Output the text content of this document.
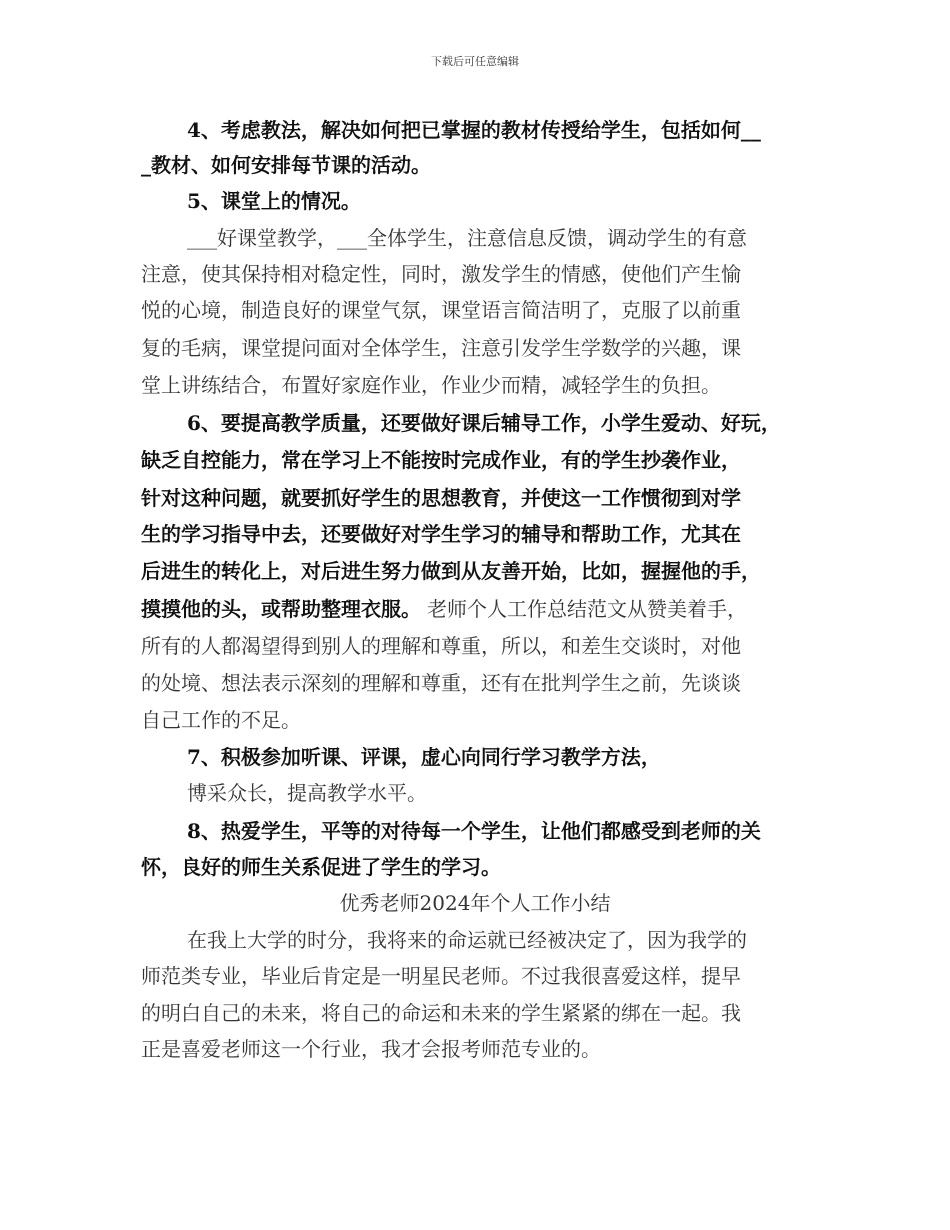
下载后可任意编辑
4、考虑教法，解决如何把已掌握的教材传授给学生，包括如何__
_教材、如何安排每节课的活动。
5、课堂上的情况。
___好课堂教学，___全体学生，注意信息反馈，调动学生的有意
注意，使其保持相对稳定性，同时，激发学生的情感，使他们产生愉
悦的心境，制造良好的课堂气氛，课堂语言简洁明了，克服了以前重
复的毛病，课堂提问面对全体学生，注意引发学生学数学的兴趣，课
堂上讲练结合，布置好家庭作业，作业少而精，减轻学生的负担。
6、要提高教学质量，还要做好课后辅导工作，小学生爱动、好玩，
缺乏自控能力，常在学习上不能按时完成作业，有的学生抄袭作业，
针对这种问题，就要抓好学生的思想教育，并使这一工作惯彻到对学
生的学习指导中去，还要做好对学生学习的辅导和帮助工作，尤其在
后进生的转化上，对后进生努力做到从友善开始，比如，握握他的手，
摸摸他的头，或帮助整理衣服。 老师个人工作总结范文从赞美着手，
所有的人都渴望得到别人的理解和尊重，所以，和差生交谈时，对他
的处境、想法表示深刻的理解和尊重，还有在批判学生之前，先谈谈
自己工作的不足。
7、积极参加听课、评课，虚心向同行学习教学方法，
博采众长，提高教学水平。
8、热爱学生，平等的对待每一个学生，让他们都感受到老师的关
怀，良好的师生关系促进了学生的学习。
优秀老师2024年个人工作小结
在我上大学的时分，我将来的命运就已经被决定了，因为我学的
师范类专业，毕业后肯定是一明星民老师。不过我很喜爱这样，提早
的明白自己的未来，将自己的命运和未来的学生紧紧的绑在一起。我
正是喜爱老师这一个行业，我才会报考师范专业的。
